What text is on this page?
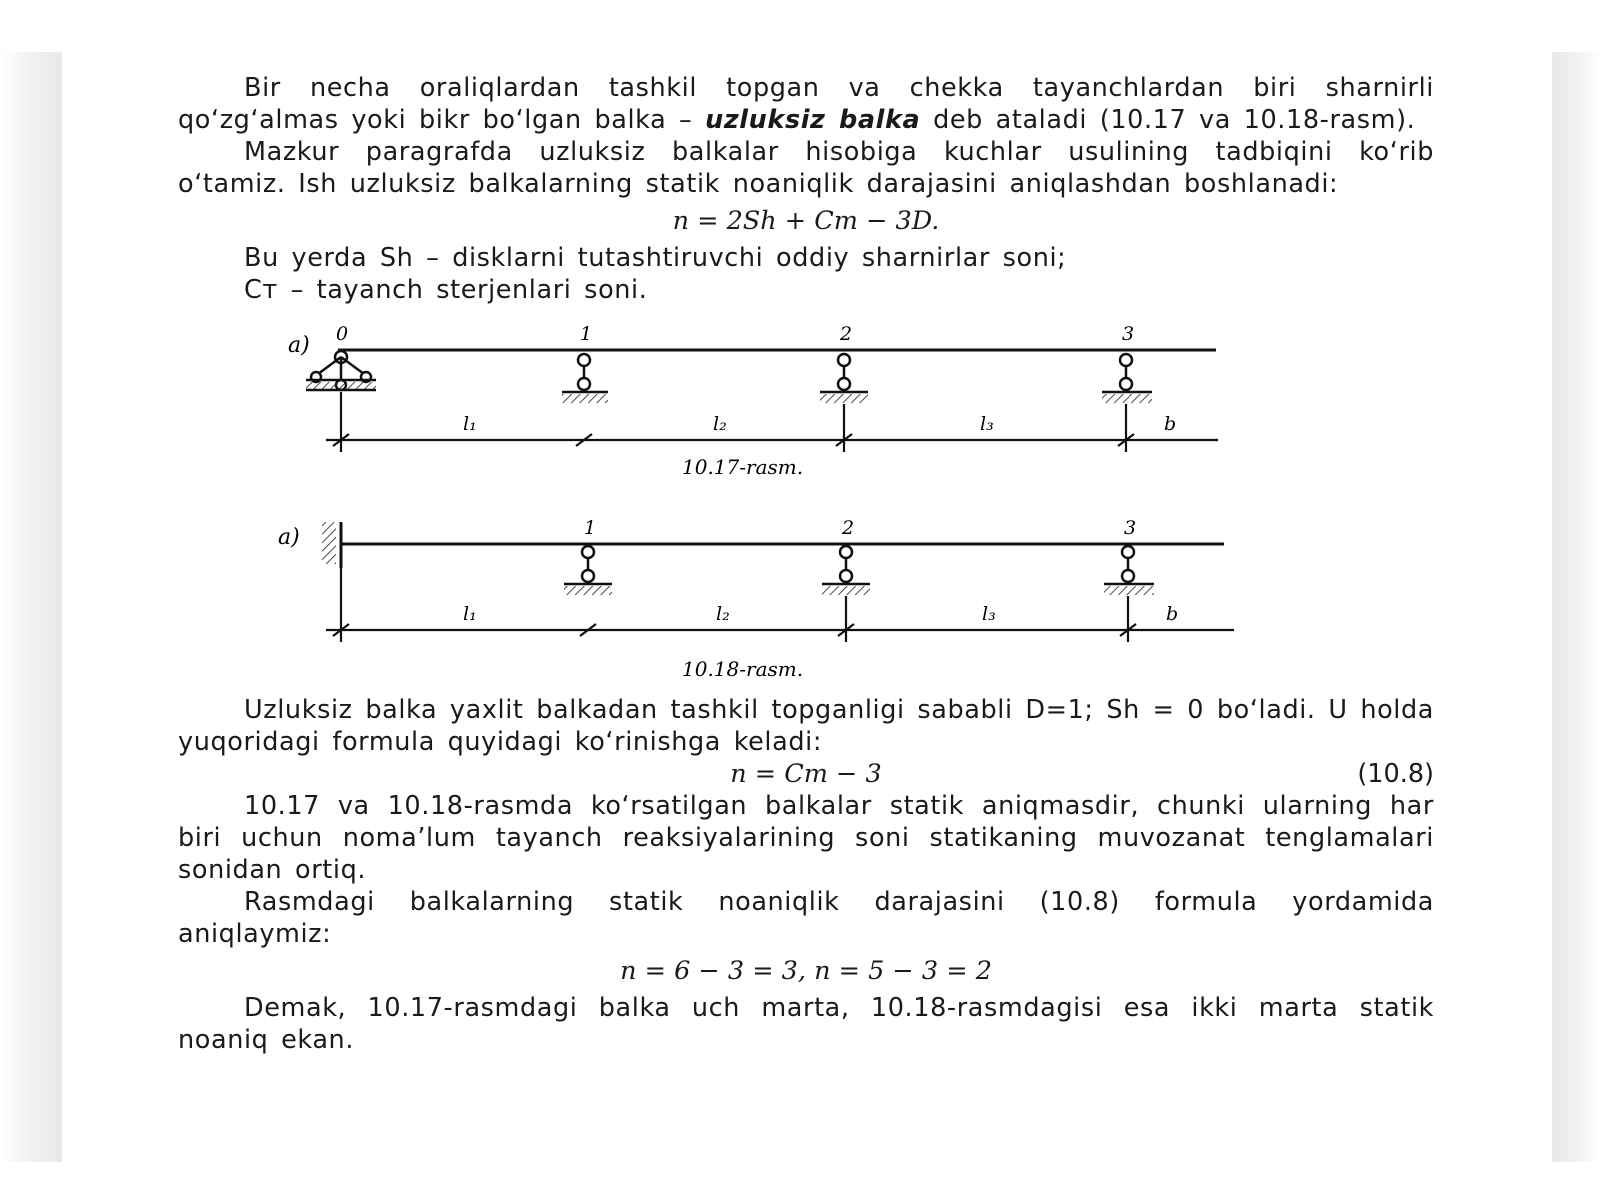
Bir necha oraliqlardan tashkil topgan va chekka tayanchlardan biri sharnirli qo‘zg‘almas yoki bikr bo‘lgan balka – uzluksiz balka deb ataladi (10.17 va 10.18-rasm).

Mazkur paragrafda uzluksiz balkalar hisobiga kuchlar usulining tadbiqini ko‘rib o‘tamiz. Ish uzluksiz balkalarning statik noaniqlik darajasini aniqlashdan boshlanadi:

n = 2Sh + Cт − 3D.

Bu yerda Sh – disklarni tutashtiruvchi oddiy sharnirlar soni;

Cт – tayanch sterjenlari soni.

a) 0	1	2	3
l₁	l₂	l₃	b
10.17-rasm.
a)	1	2	3
l₁	l₂	l₃	b
10.18-rasm.

Uzluksiz balka yaxlit balkadan tashkil topganligi sababli D=1; Sh = 0 bo‘ladi. U holda yuqoridagi formula quyidagi ko‘rinishga keladi:

n = Cт − 3	(10.8)

10.17 va 10.18-rasmda ko‘rsatilgan balkalar statik aniqmasdir, chunki ularning har biri uchun noma’lum tayanch reaksiyalarining soni statikaning muvozanat tenglamalari sonidan ortiq.

Rasmdagi balkalarning statik noaniqlik darajasini (10.8) formula yordamida aniqlaymiz:

n = 6 − 3 = 3, n = 5 − 3 = 2

Demak, 10.17-rasmdagi balka uch marta, 10.18-rasmdagisi esa ikki marta statik noaniq ekan.
